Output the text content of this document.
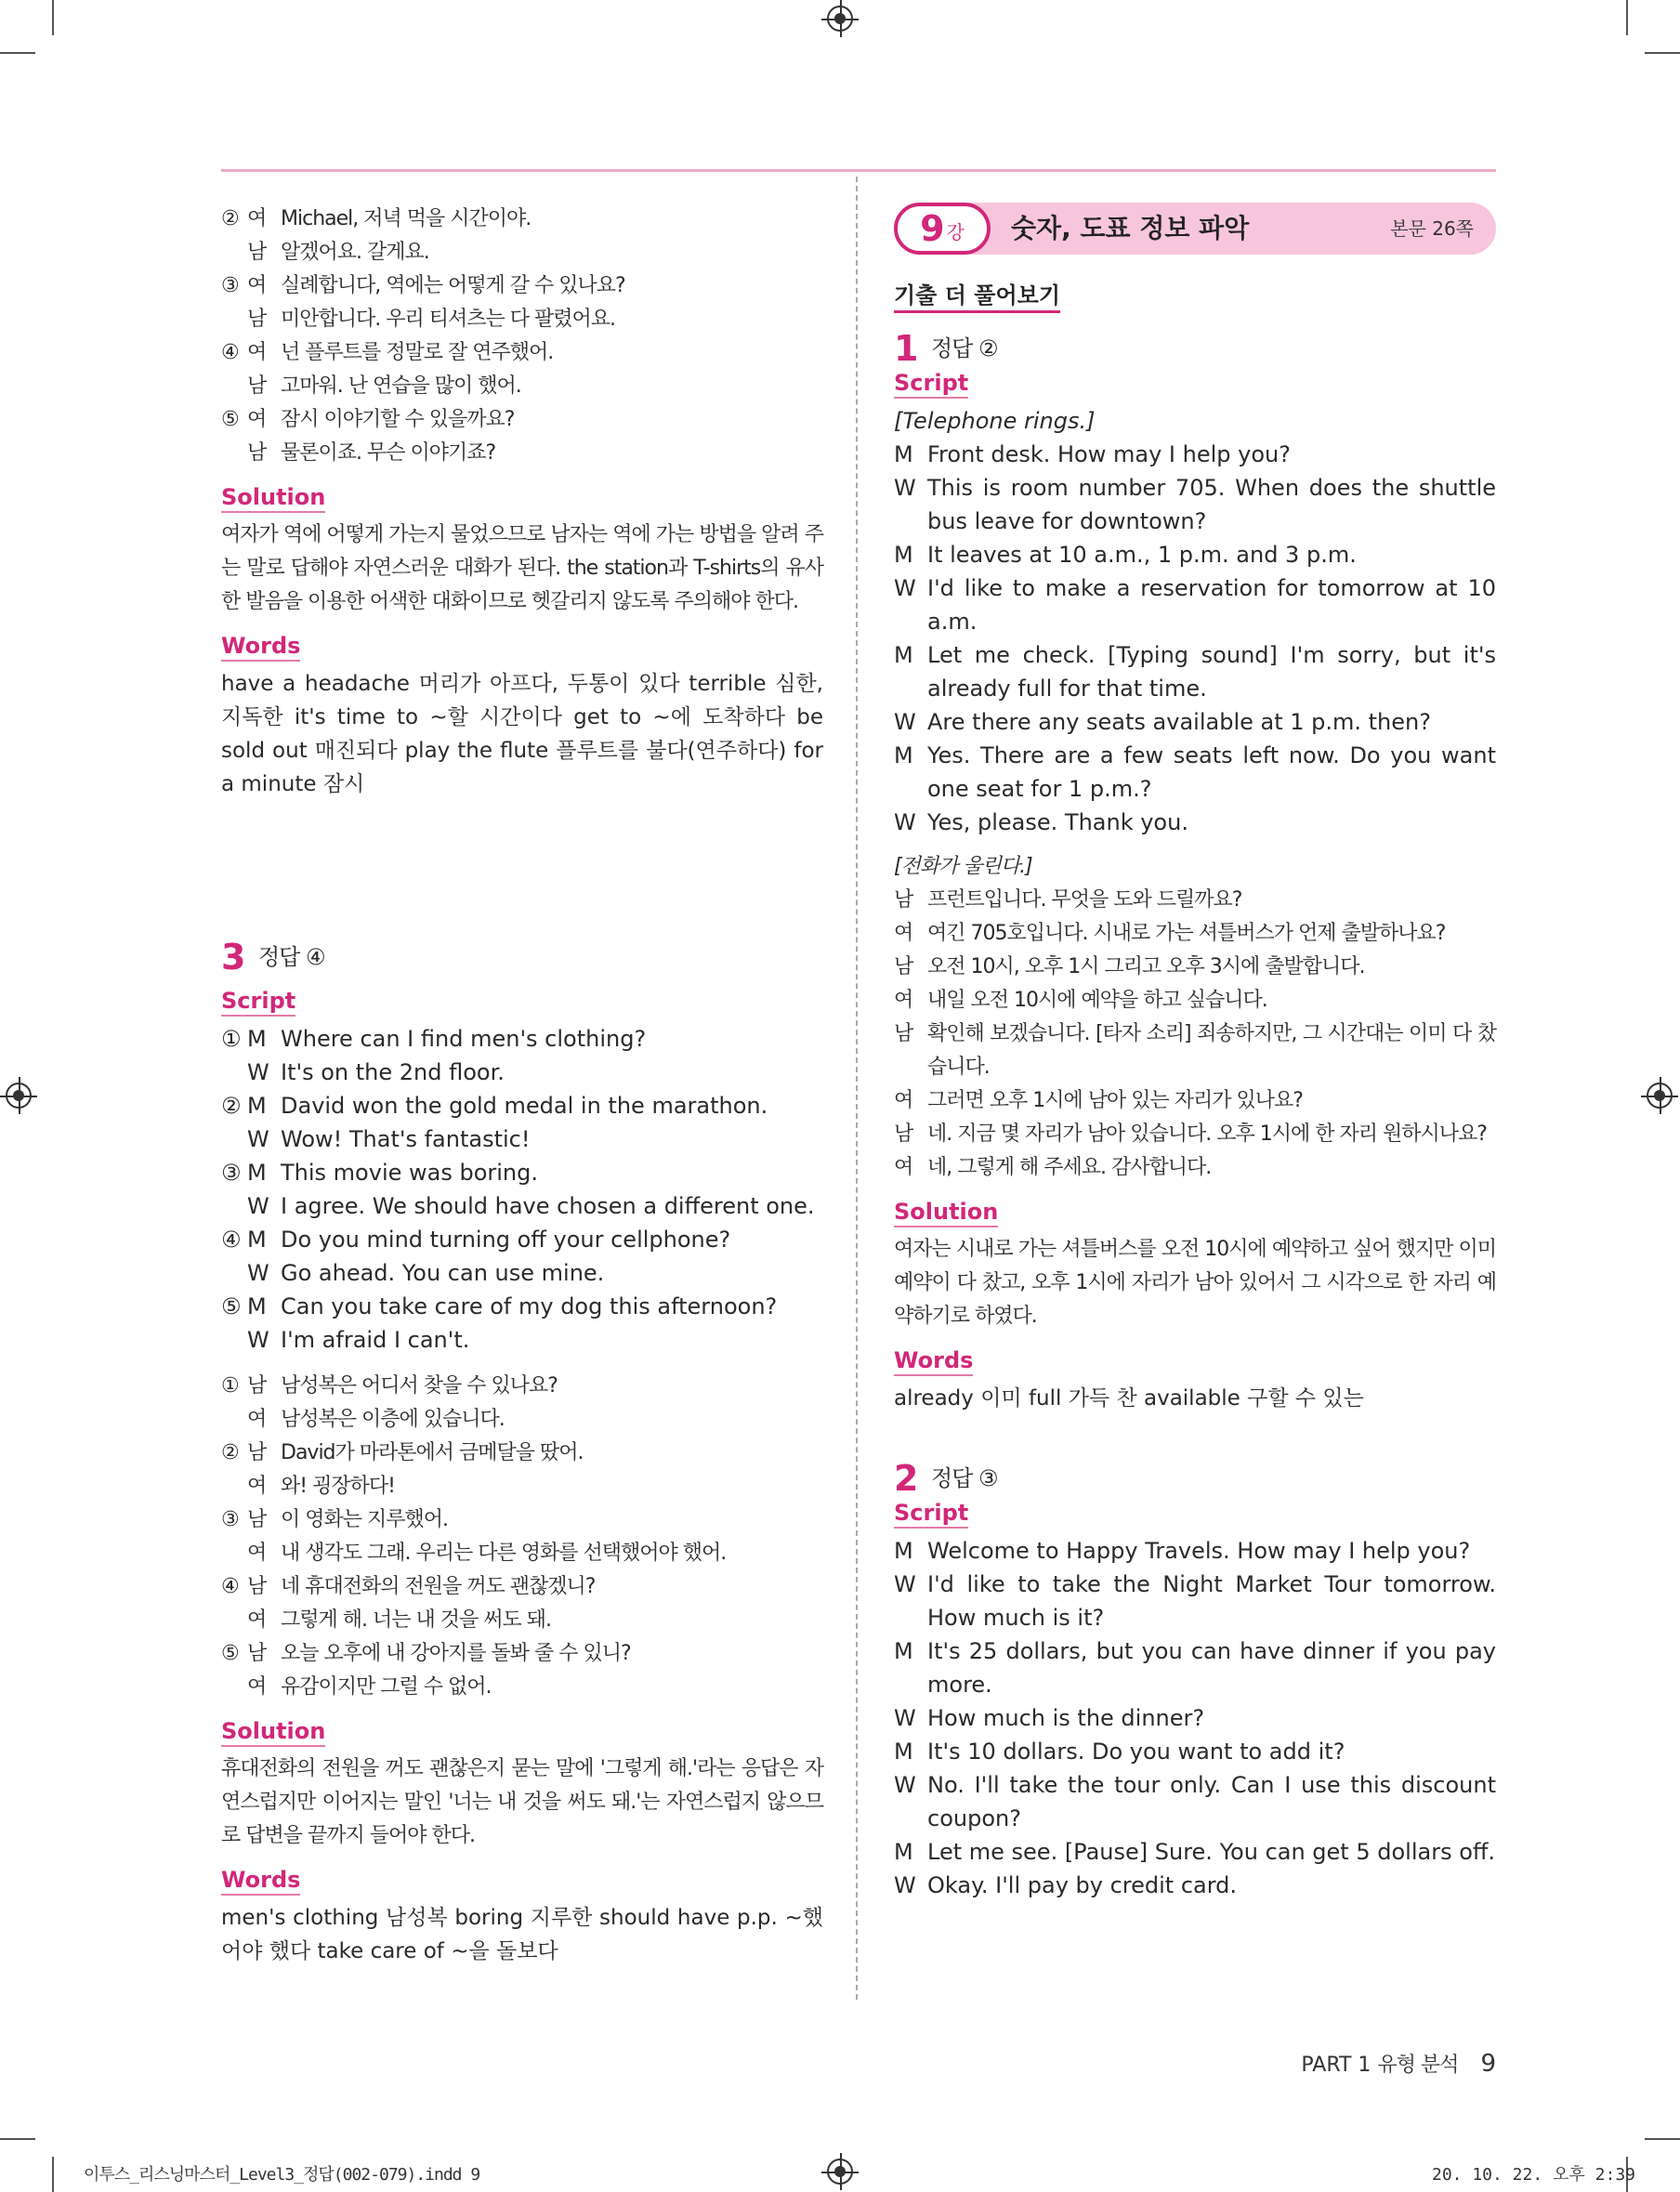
② 여 Michael, 저녁 먹을 시간이야.
남 알겠어요. 갈게요.
③ 여 실례합니다, 역에는 어떻게 갈 수 있나요?
남 미안합니다. 우리 티셔츠는 다 팔렸어요.
④ 여 넌 플루트를 정말로 잘 연주했어.
남 고마워. 난 연습을 많이 했어.
⑤ 여 잠시 이야기할 수 있을까요?
남 물론이죠. 무슨 이야기죠?
Solution
여자가 역에 어떻게 가는지 물었으므로 남자는 역에 가는 방법을 알려 주는 말로 답해야 자연스러운 대화가 된다. the station과 T-shirts의 유사한 발음을 이용한 어색한 대화이므로 헷갈리지 않도록 주의해야 한다.
Words
have a headache 머리가 아프다, 두통이 있다 terrible 심한, 지독한 it's time to ~할 시간이다 get to ~에 도착하다 be sold out 매진되다 play the flute 플루트를 불다(연주하다) for a minute 잠시
3 정답 ④
Script
① M Where can I find men's clothing?
W It's on the 2nd floor.
② M David won the gold medal in the marathon.
W Wow! That's fantastic!
③ M This movie was boring.
W I agree. We should have chosen a different one.
④ M Do you mind turning off your cellphone?
W Go ahead. You can use mine.
⑤ M Can you take care of my dog this afternoon?
W I'm afraid I can't.
① 남 남성복은 어디서 찾을 수 있나요?
여 남성복은 이층에 있습니다.
② 남 David가 마라톤에서 금메달을 땄어.
여 와! 굉장하다!
③ 남 이 영화는 지루했어.
여 내 생각도 그래. 우리는 다른 영화를 선택했어야 했어.
④ 남 네 휴대전화의 전원을 꺼도 괜찮겠니?
여 그렇게 해. 너는 내 것을 써도 돼.
⑤ 남 오늘 오후에 내 강아지를 돌봐 줄 수 있니?
여 유감이지만 그럴 수 없어.
Solution
휴대전화의 전원을 꺼도 괜찮은지 묻는 말에 '그렇게 해.'라는 응답은 자연스럽지만 이어지는 말인 '너는 내 것을 써도 돼.'는 자연스럽지 않으므로 답변을 끝까지 들어야 한다.
Words
men's clothing 남성복 boring 지루한 should have p.p. ~했어야 했다 take care of ~을 돌보다
9 강 숫자, 도표 정보 파악	본문 26쪽
기출 더 풀어보기
1 정답 ②
Script
[Telephone rings.]
M Front desk. How may I help you?
W This is room number 705. When does the shuttle bus leave for downtown?
M It leaves at 10 a.m., 1 p.m. and 3 p.m.
W I'd like to make a reservation for tomorrow at 10 a.m.
M Let me check. [Typing sound] I'm sorry, but it's already full for that time.
W Are there any seats available at 1 p.m. then?
M Yes. There are a few seats left now. Do you want one seat for 1 p.m.?
W Yes, please. Thank you.
[전화가 울린다.]
남 프런트입니다. 무엇을 도와 드릴까요?
여 여긴 705호입니다. 시내로 가는 셔틀버스가 언제 출발하나요?
남 오전 10시, 오후 1시 그리고 오후 3시에 출발합니다.
여 내일 오전 10시에 예약을 하고 싶습니다.
남 확인해 보겠습니다. [타자 소리] 죄송하지만, 그 시간대는 이미 다 찼습니다.
여 그러면 오후 1시에 남아 있는 자리가 있나요?
남 네. 지금 몇 자리가 남아 있습니다. 오후 1시에 한 자리 원하시나요?
여 네, 그렇게 해 주세요. 감사합니다.
Solution
여자는 시내로 가는 셔틀버스를 오전 10시에 예약하고 싶어 했지만 이미 예약이 다 찼고, 오후 1시에 자리가 남아 있어서 그 시각으로 한 자리 예약하기로 하였다.
Words
already 이미 full 가득 찬 available 구할 수 있는
2 정답 ③
Script
M Welcome to Happy Travels. How may I help you?
W I'd like to take the Night Market Tour tomorrow. How much is it?
M It's 25 dollars, but you can have dinner if you pay more.
W How much is the dinner?
M It's 10 dollars. Do you want to add it?
W No. I'll take the tour only. Can I use this discount coupon?
M Let me see. [Pause] Sure. You can get 5 dollars off.
W Okay. I'll pay by credit card.
PART 1 유형 분석 9
이투스_리스닝마스터_Level3_정답(002-079).indd 9	20. 10. 22. 오후 2:39
